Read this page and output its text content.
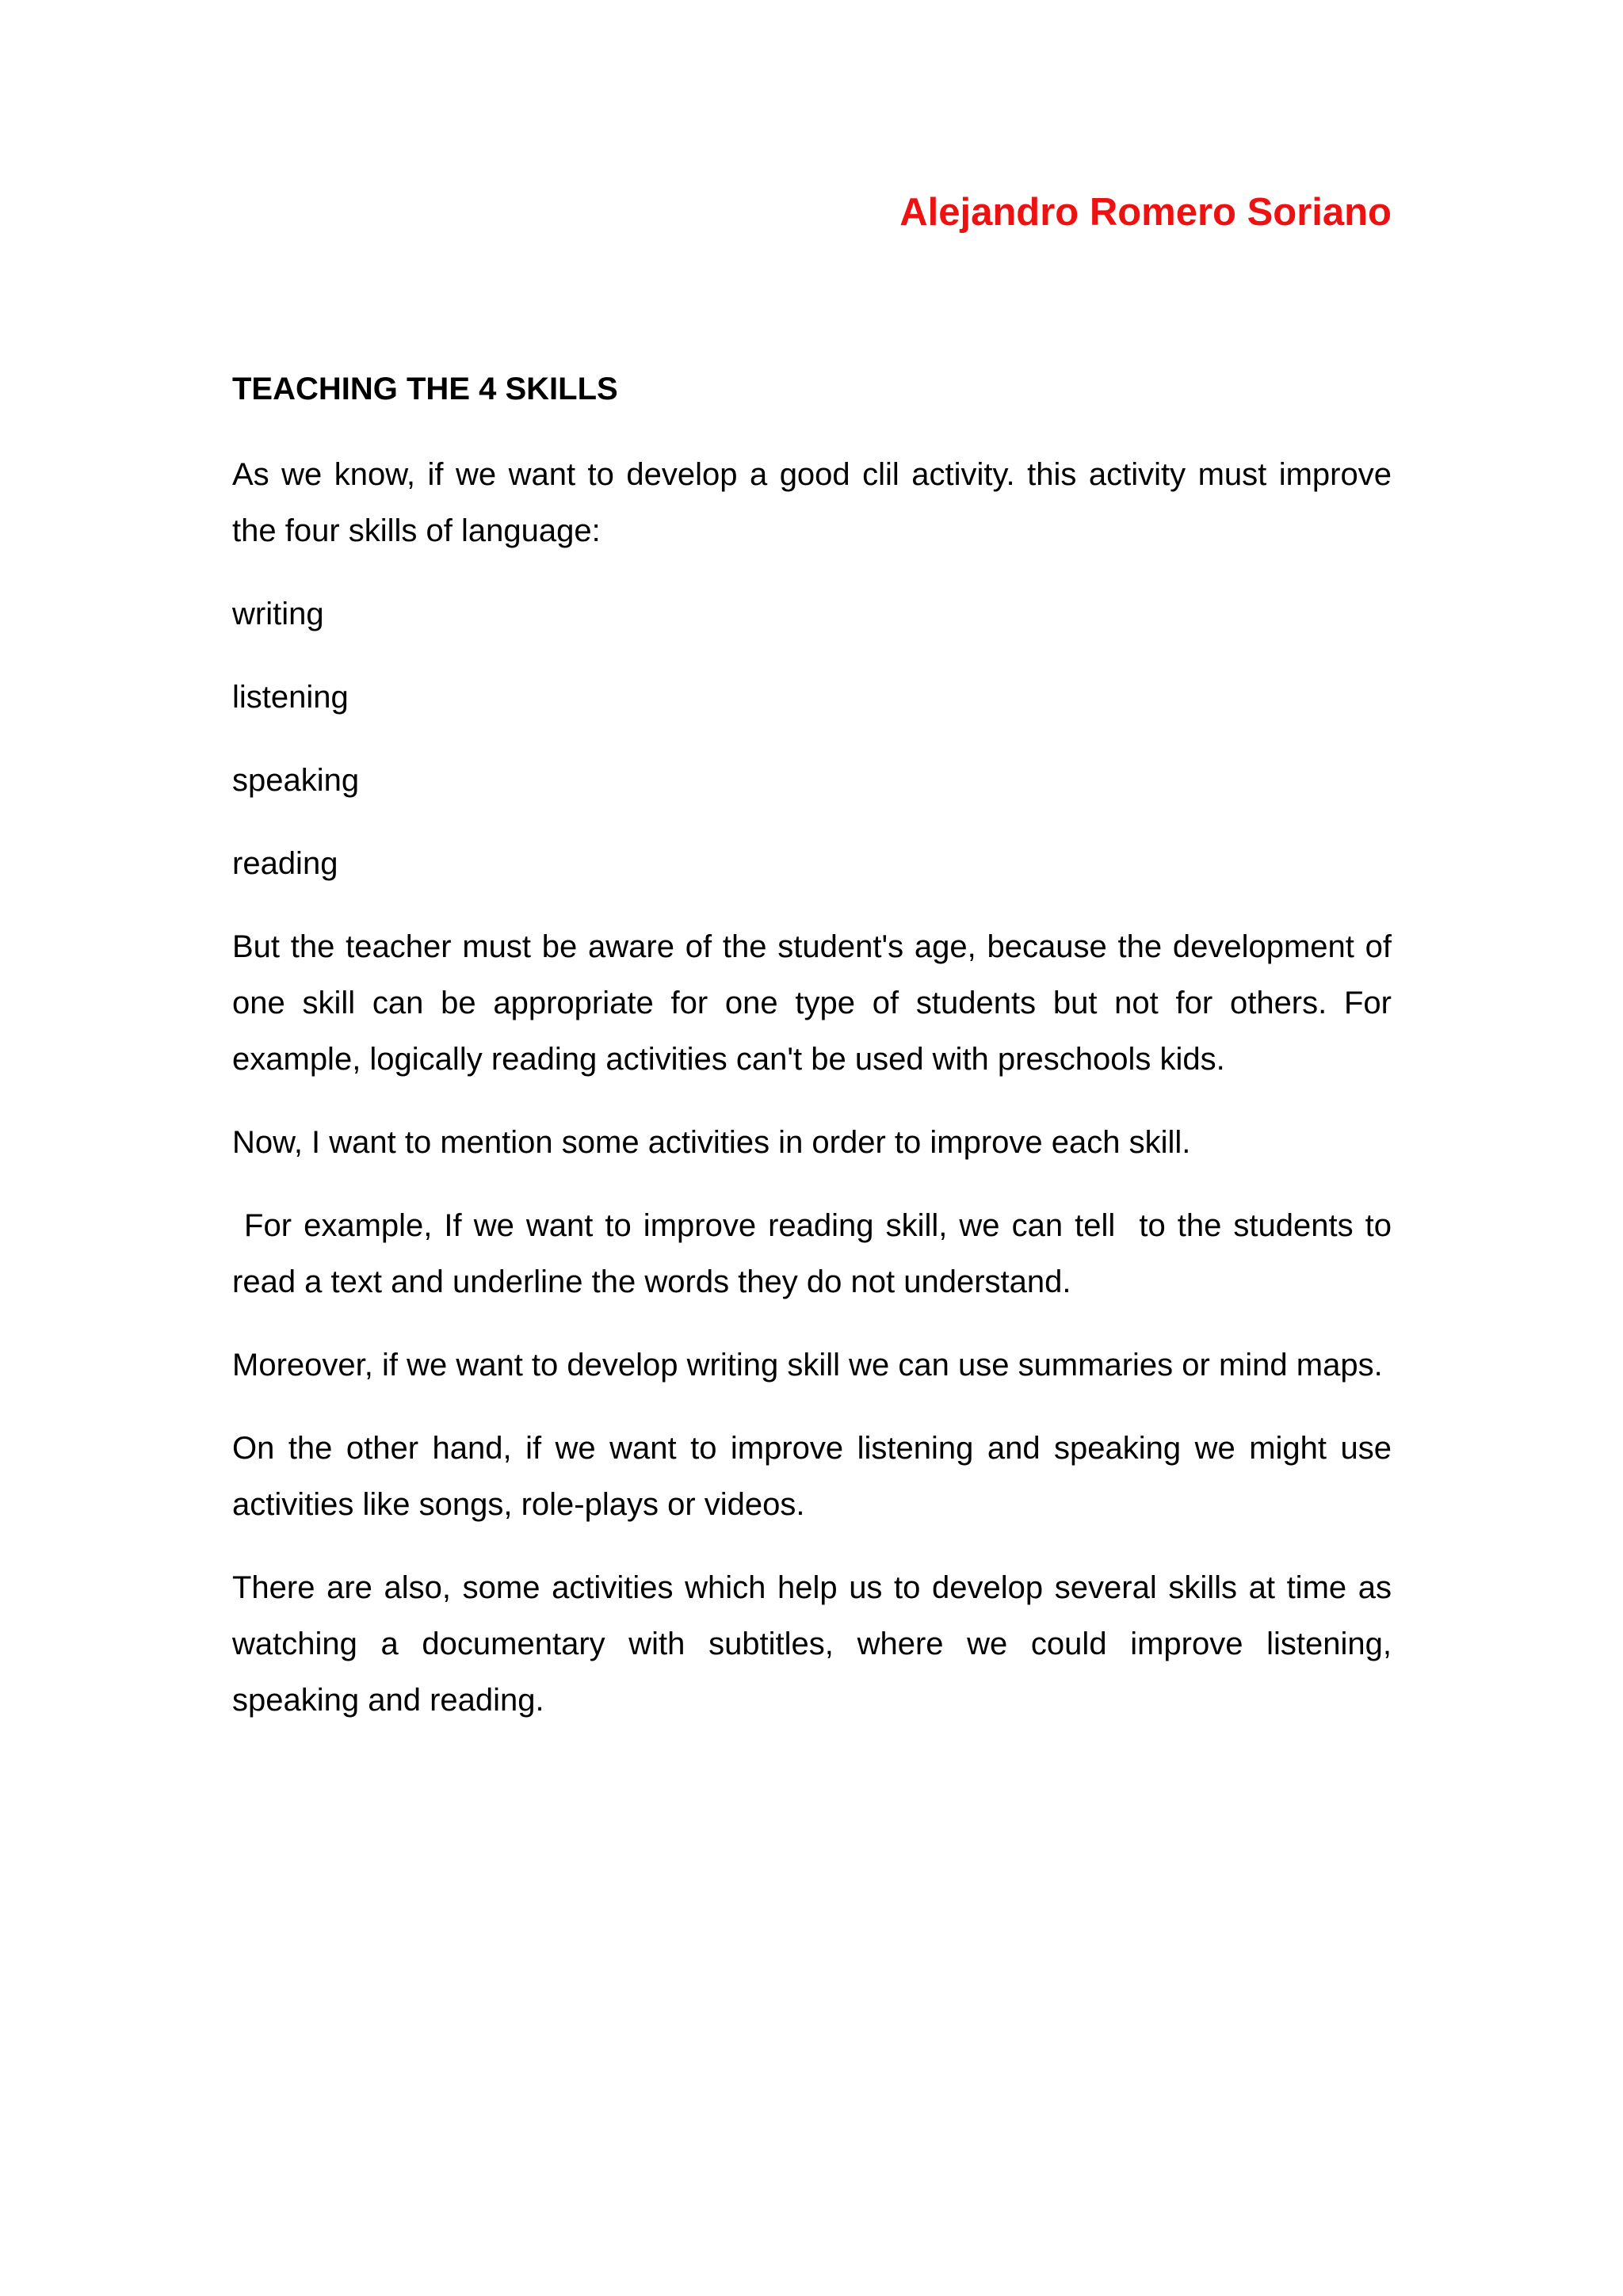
Alejandro Romero Soriano
TEACHING THE 4 SKILLS

As we know, if we want to develop a good clil activity. this activity must improve the four skills of language:

writing
listening
speaking
reading

But the teacher must be aware of the student's age, because the development of one skill can be appropriate for one type of students but not for others. For example, logically reading activities can't be used with preschools kids.

Now, I want to mention some activities in order to improve each skill.

For example, If we want to improve reading skill, we can tell  to the students to read a text and underline the words they do not understand.

Moreover, if we want to develop writing skill we can use summaries or mind maps.

On the other hand, if we want to improve listening and speaking we might use activities like songs, role-plays or videos.

There are also, some activities which help us to develop several skills at time as watching a documentary with subtitles, where we could improve listening, speaking and reading.
